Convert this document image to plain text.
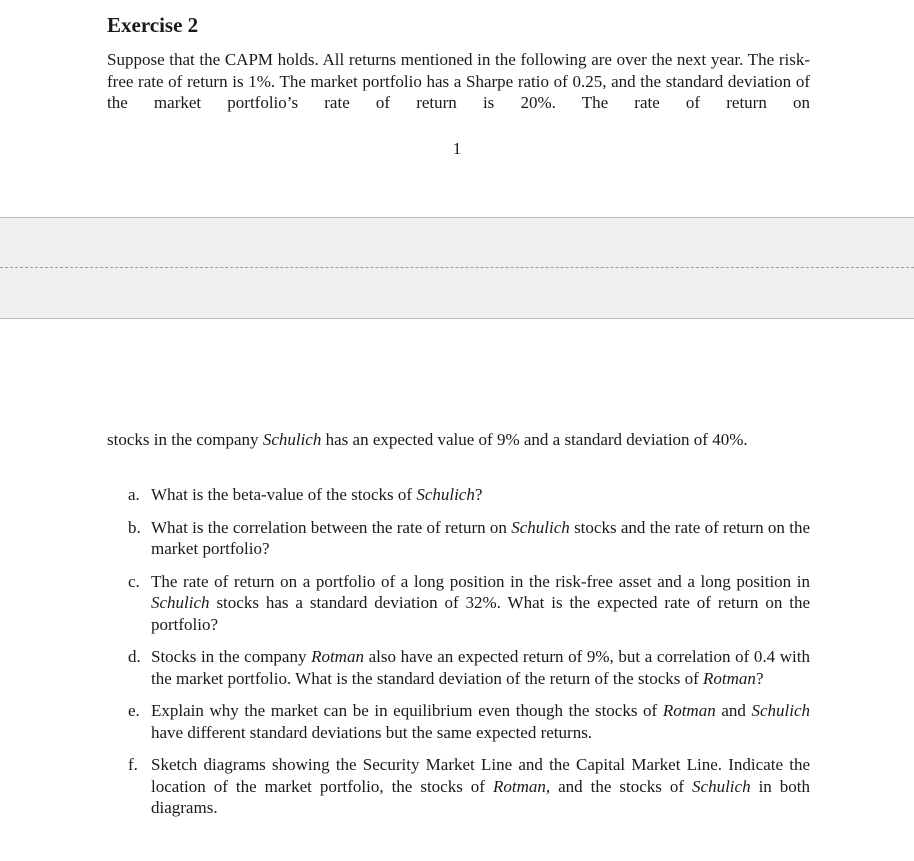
Exercise 2

Suppose that the CAPM holds. All returns mentioned in the following are over the next year. The risk-free rate of return is 1%. The market portfolio has a Sharpe ratio of 0.25, and the standard deviation of the market portfolio’s rate of return is 20%. The rate of return on

1

stocks in the company Schulich has an expected value of 9% and a standard deviation of 40%.

a. What is the beta-value of the stocks of Schulich?
b. What is the correlation between the rate of return on Schulich stocks and the rate of return on the market portfolio?
c. The rate of return on a portfolio of a long position in the risk-free asset and a long position in Schulich stocks has a standard deviation of 32%. What is the expected rate of return on the portfolio?
d. Stocks in the company Rotman also have an expected return of 9%, but a correlation of 0.4 with the market portfolio. What is the standard deviation of the return of the stocks of Rotman?
e. Explain why the market can be in equilibrium even though the stocks of Rotman and Schulich have different standard deviations but the same expected returns.
f. Sketch diagrams showing the Security Market Line and the Capital Market Line. Indicate the location of the market portfolio, the stocks of Rotman, and the stocks of Schulich in both diagrams.
